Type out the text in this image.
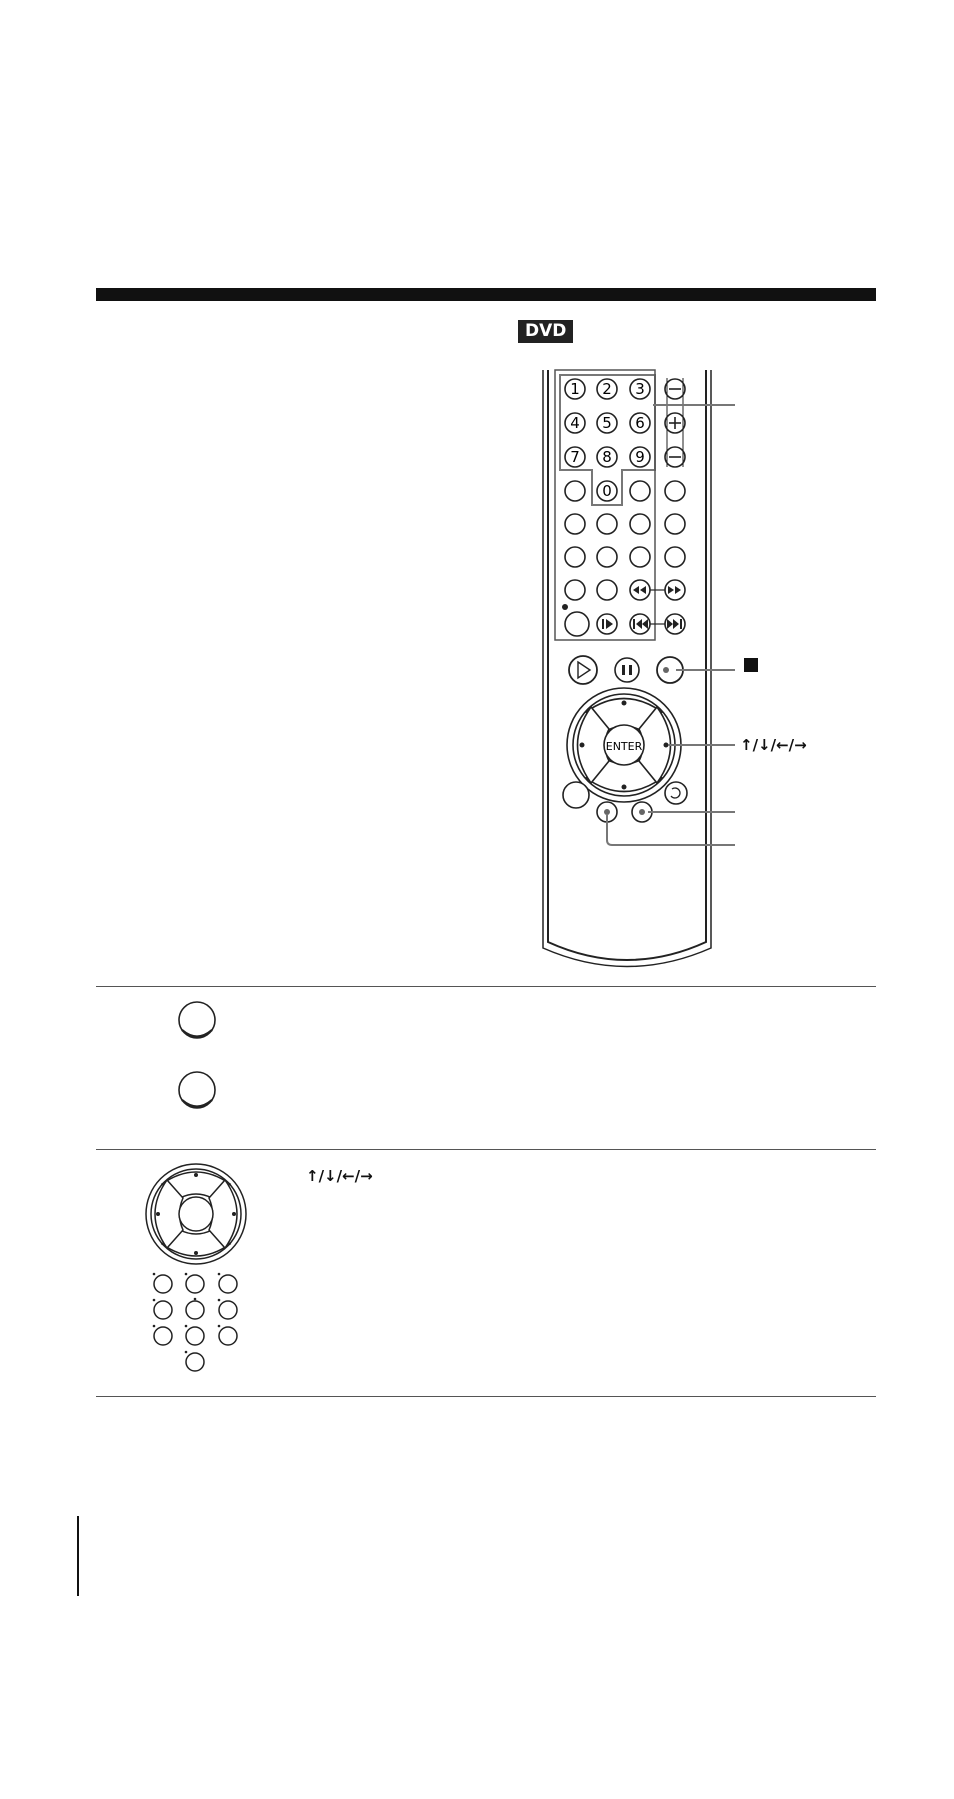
DVD
1 2 3
4 5 6
7 8 9
0
ENTER	↑/↓/←/→
↑/↓/←/→
